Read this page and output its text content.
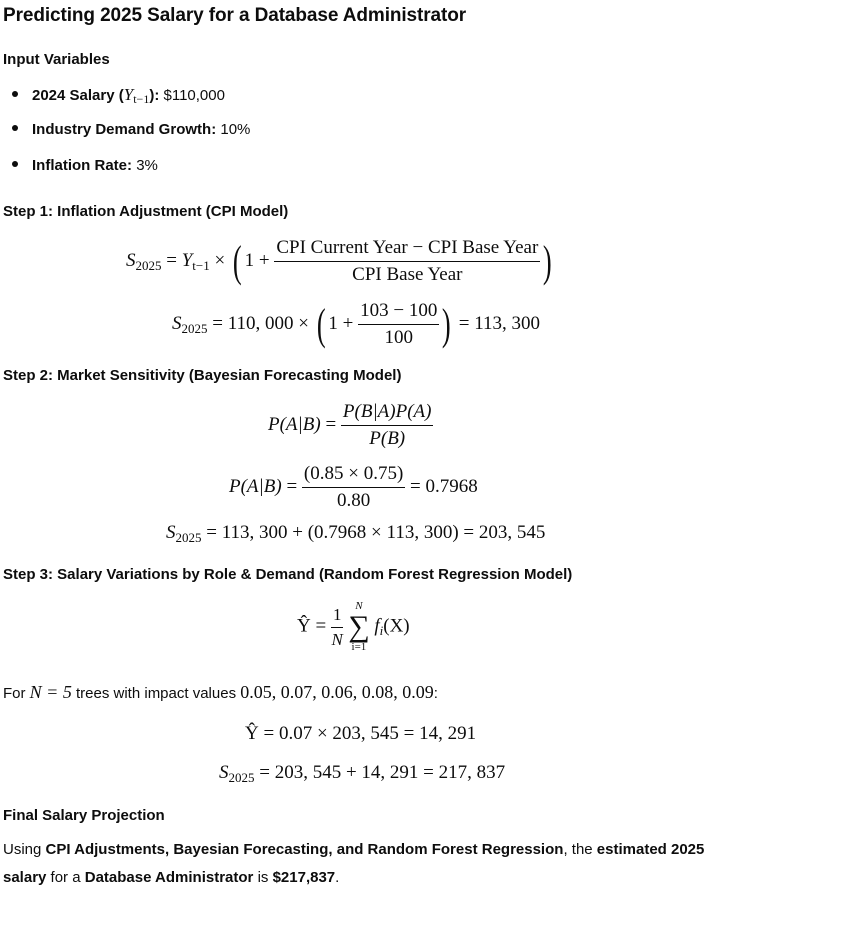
Predicting 2025 Salary for a Database Administrator
Input Variables
2024 Salary $(Y_{t-1})$: $110,000
Industry Demand Growth: 10%
Inflation Rate: 3%
Step 1: Inflation Adjustment (CPI Model)
$S_{2025} = Y_{t-1}$ × ( $1 + \frac{\text{CPI Current Year − CPI Base Year}}{\text{CPI Base Year}}$ )
$S_{2025} = 110$, 000 × ( $1 + \frac{103 - 100}{100}$ ) = 113, 300
Step 2: Market Sensitivity (Bayesian Forecasting Model)
$P(A|B) = \frac{P(B|A)P(A)}{P(B)}$
$P(A|B) = \frac{(0.85 \times 0.75)}{0.80} = 0.7968$
$S_{2025} = 113$, 300 + (0.7968 × 113, 300) = 203, 545
Step 3: Salary Variations by Role & Demand (Random Forest Regression Model)
Ŷ = $\frac{1}{N}$
	N
∑
i=1
$f_i(X)$
For N = 5 trees with impact values 0.05, 0.07, 0.06, 0.08, 0.09:
Ŷ = 0.07 × 203, 545 = 14, 291
$S_{2025} = 203$, 545 + 14, 291 = 217, 837
Final Salary Projection
Using CPI Adjustments, Bayesian Forecasting, and Random Forest Regression, the estimated 2025 salary for a Database Administrator is $217,837.
